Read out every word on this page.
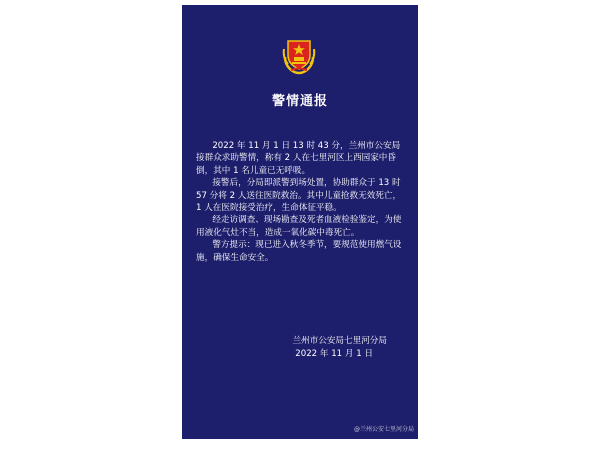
警情通报

2022 年 11 月 1 日 13 时 43 分，兰州市公安局接群众求助警情，称有 2 人在七里河区上西园家中昏倒，其中 1 名儿童已无呼吸。

接警后，分局即派警到场处置，协助群众于 13 时 57 分将 2 人送往医院救治。其中儿童抢救无效死亡，1 人在医院接受治疗，生命体征平稳。

经走访调查、现场勘查及死者血液检验鉴定，为使用液化气灶不当，造成一氧化碳中毒死亡。

警方提示：现已进入秋冬季节，要规范使用燃气设施，确保生命安全。

兰州市公安局七里河分局
2022 年 11 月 1 日
@兰州公安七里河分局
